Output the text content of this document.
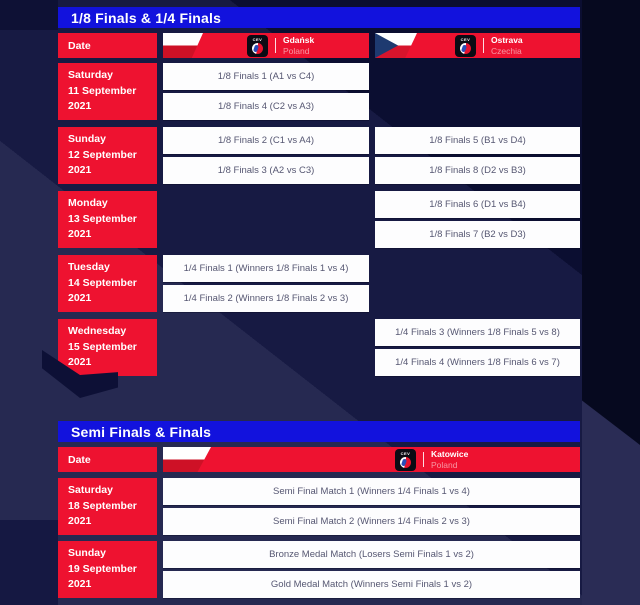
1/8 Finals & 1/4 Finals
Date
CEV Gdańsk
Poland
CEV Ostrava
Czechia
Saturday
11 September 2021
1/8 Finals 1 (A1 vs C4)
1/8 Finals 4 (C2 vs A3)
Sunday
12 September 2021
1/8 Finals 2 (C1 vs A4)
1/8 Finals 3 (A2 vs C3)
1/8 Finals 5 (B1 vs D4)
1/8 Finals 8 (D2 vs B3)
Monday
13 September 2021
1/8 Finals 6 (D1 vs B4)
1/8 Finals 7 (B2 vs D3)
Tuesday
14 September 2021
1/4 Finals 1 (Winners 1/8 Finals 1 vs 4)
1/4 Finals 2 (Winners 1/8 Finals 2 vs 3)
Wednesday
15 September 2021
1/4 Finals 3 (Winners 1/8 Finals 5 vs 8)
1/4 Finals 4 (Winners 1/8 Finals 6 vs 7)
Semi Finals & Finals
Date
CEV Katowice
Poland
Saturday
18 September 2021
Semi Final Match 1 (Winners 1/4 Finals 1 vs 4)
Semi Final Match 2 (Winners 1/4 Finals 2 vs 3)
Sunday
19 September 2021
Bronze Medal Match (Losers Semi Finals 1 vs 2)
Gold Medal Match (Winners Semi Finals 1 vs 2)
